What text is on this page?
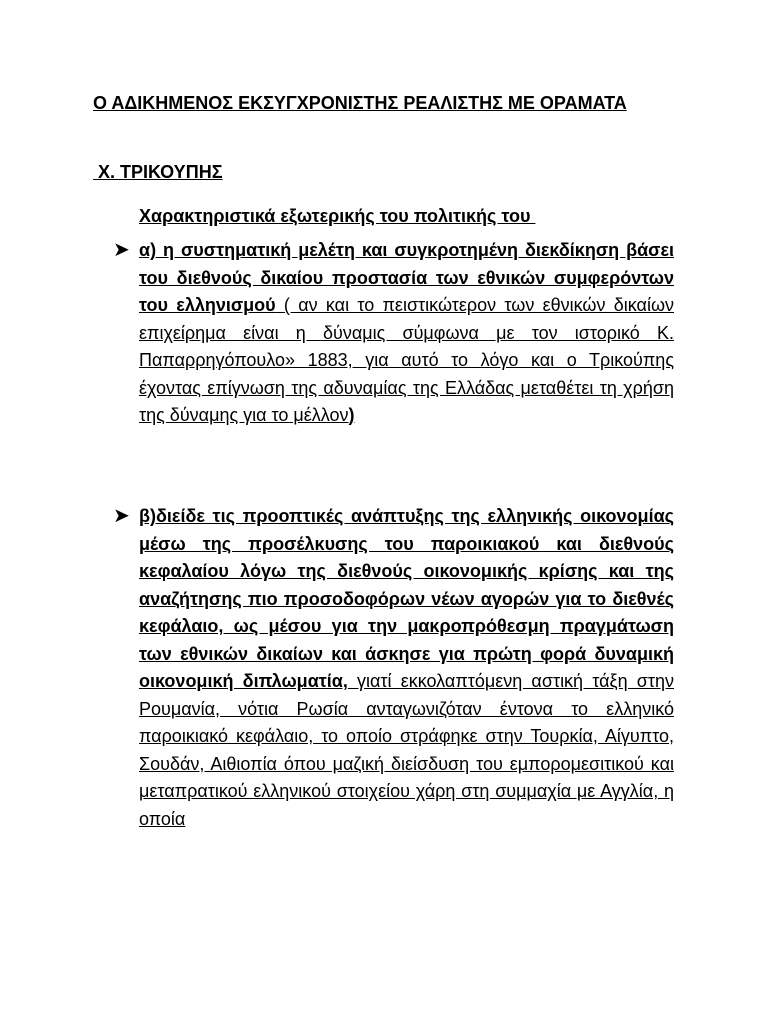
Ο ΑΔΙΚΗΜΕΝΟΣ ΕΚΣΥΓΧΡΟΝΙΣΤΗΣ ΡΕΑΛΙΣΤΗΣ ΜΕ ΟΡΑΜΑΤΑ

Χ. ΤΡΙΚΟΥΠΗΣ

Χαρακτηριστικά εξωτερικής του πολιτικής του

➤ α) η συστηματική μελέτη και συγκροτημένη διεκδίκηση βάσει του διεθνούς δικαίου προστασία των εθνικών συμφερόντων του ελληνισμού ( αν και το πειστικώτερον των εθνικών δικαίων επιχείρημα είναι η δύναμις σύμφωνα με τον ιστορικό Κ. Παπαρρηγόπουλο» 1883, για αυτό το λόγο και ο Τρικούπης έχοντας επίγνωση της αδυναμίας της Ελλάδας μεταθέτει τη χρήση της δύναμης για το μέλλον)

➤ β)διείδε τις προοπτικές ανάπτυξης της ελληνικής οικονομίας μέσω της προσέλκυσης του παροικιακού και διεθνούς κεφαλαίου λόγω της διεθνούς οικονομικής κρίσης και της αναζήτησης πιο προσοδοφόρων νέων αγορών για το διεθνές κεφάλαιο, ως μέσου για την μακροπρόθεσμη πραγμάτωση των εθνικών δικαίων και άσκησε για πρώτη φορά δυναμική οικονομική διπλωματία, γιατί εκκολαπτόμενη αστική τάξη στην Ρουμανία, νότια Ρωσία ανταγωνιζόταν έντονα το ελληνικό παροικιακό κεφάλαιο, το οποίο στράφηκε στην Τουρκία, Αίγυπτο, Σουδάν, Αιθιοπία όπου μαζική διείσδυση του εμπορομεσιτικού και μεταπρατικού ελληνικού στοιχείου χάρη στη συμμαχία με Αγγλία, η οποία
